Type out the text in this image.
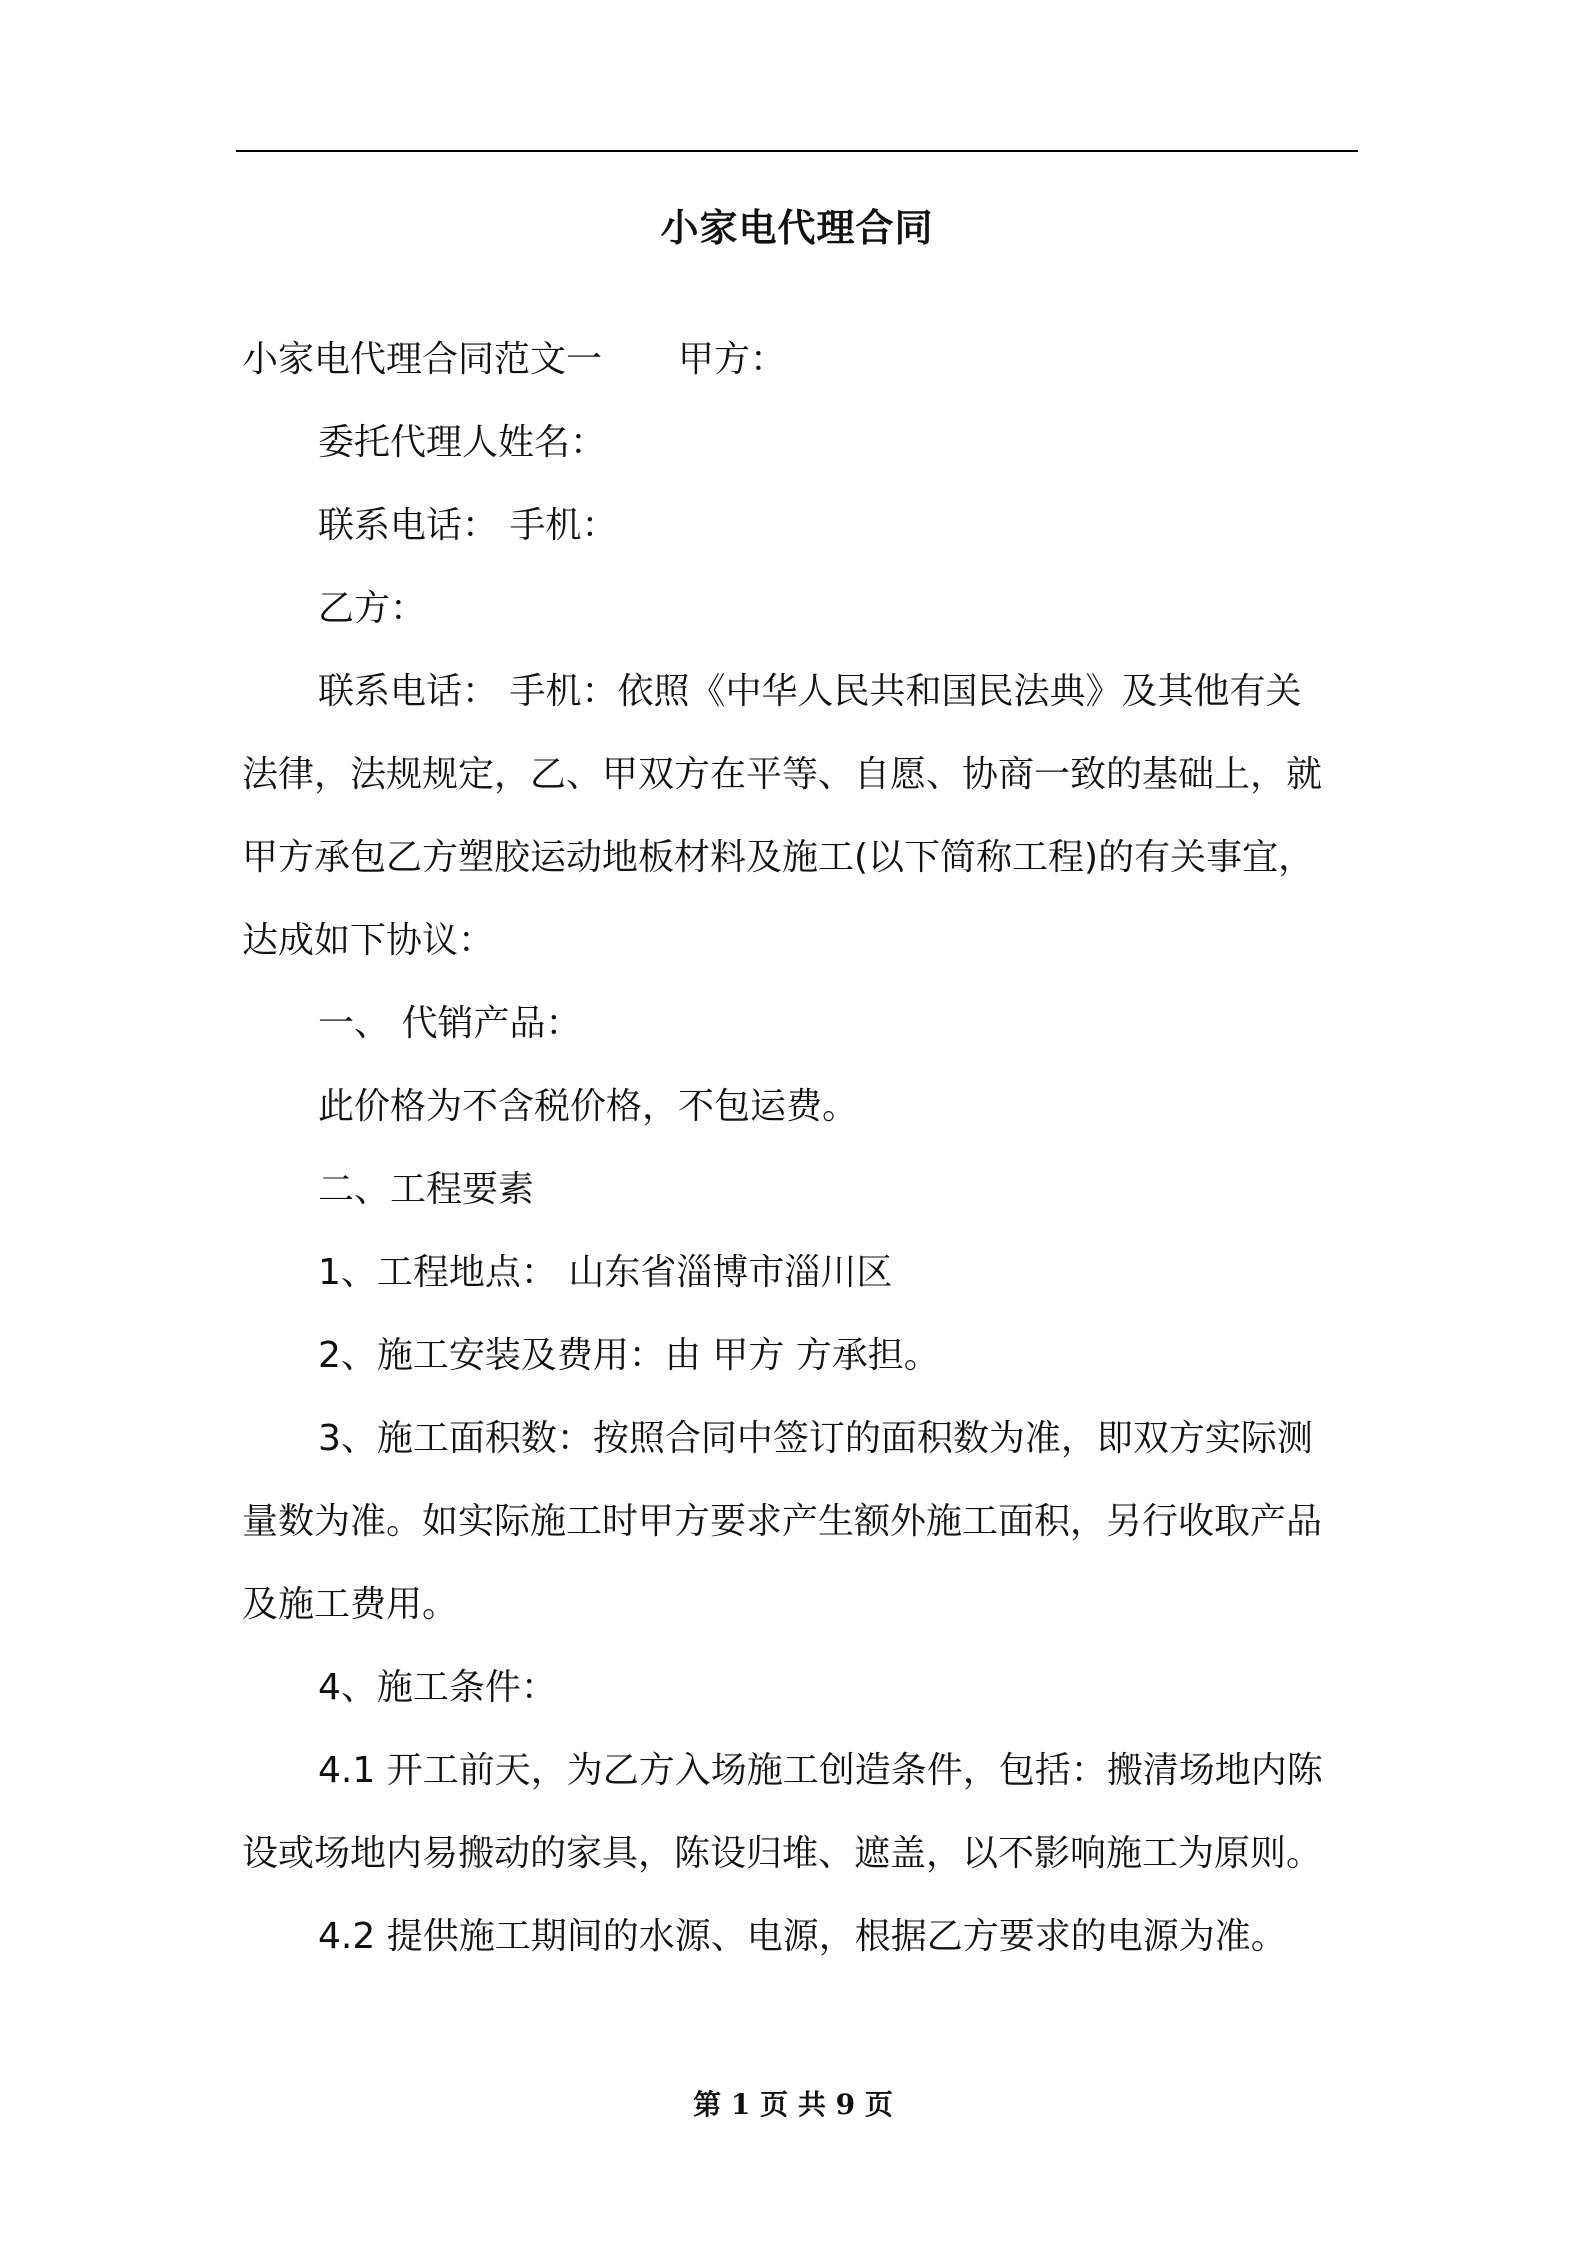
小家电代理合同
小家电代理合同范文一 甲方：
委托代理人姓名：
联系电话： 手机：
乙方：
联系电话： 手机：依照《中华人民共和国民法典》及其他有关
法律，法规规定，乙、甲双方在平等、自愿、协商一致的基础上，就
甲方承包乙方塑胶运动地板材料及施工(以下简称工程)的有关事宜，
达成如下协议：
一、 代销产品：
此价格为不含税价格，不包运费。
二、工程要素
1、工程地点： 山东省淄博市淄川区
2、施工安装及费用：由 甲方 方承担。
3、施工面积数：按照合同中签订的面积数为准，即双方实际测
量数为准。如实际施工时甲方要求产生额外施工面积，另行收取产品
及施工费用。
4、施工条件：
4.1 开工前天，为乙方入场施工创造条件，包括：搬清场地内陈
设或场地内易搬动的家具，陈设归堆、遮盖，以不影响施工为原则。
4.2 提供施工期间的水源、电源，根据乙方要求的电源为准。
第 1 页 共 9 页
